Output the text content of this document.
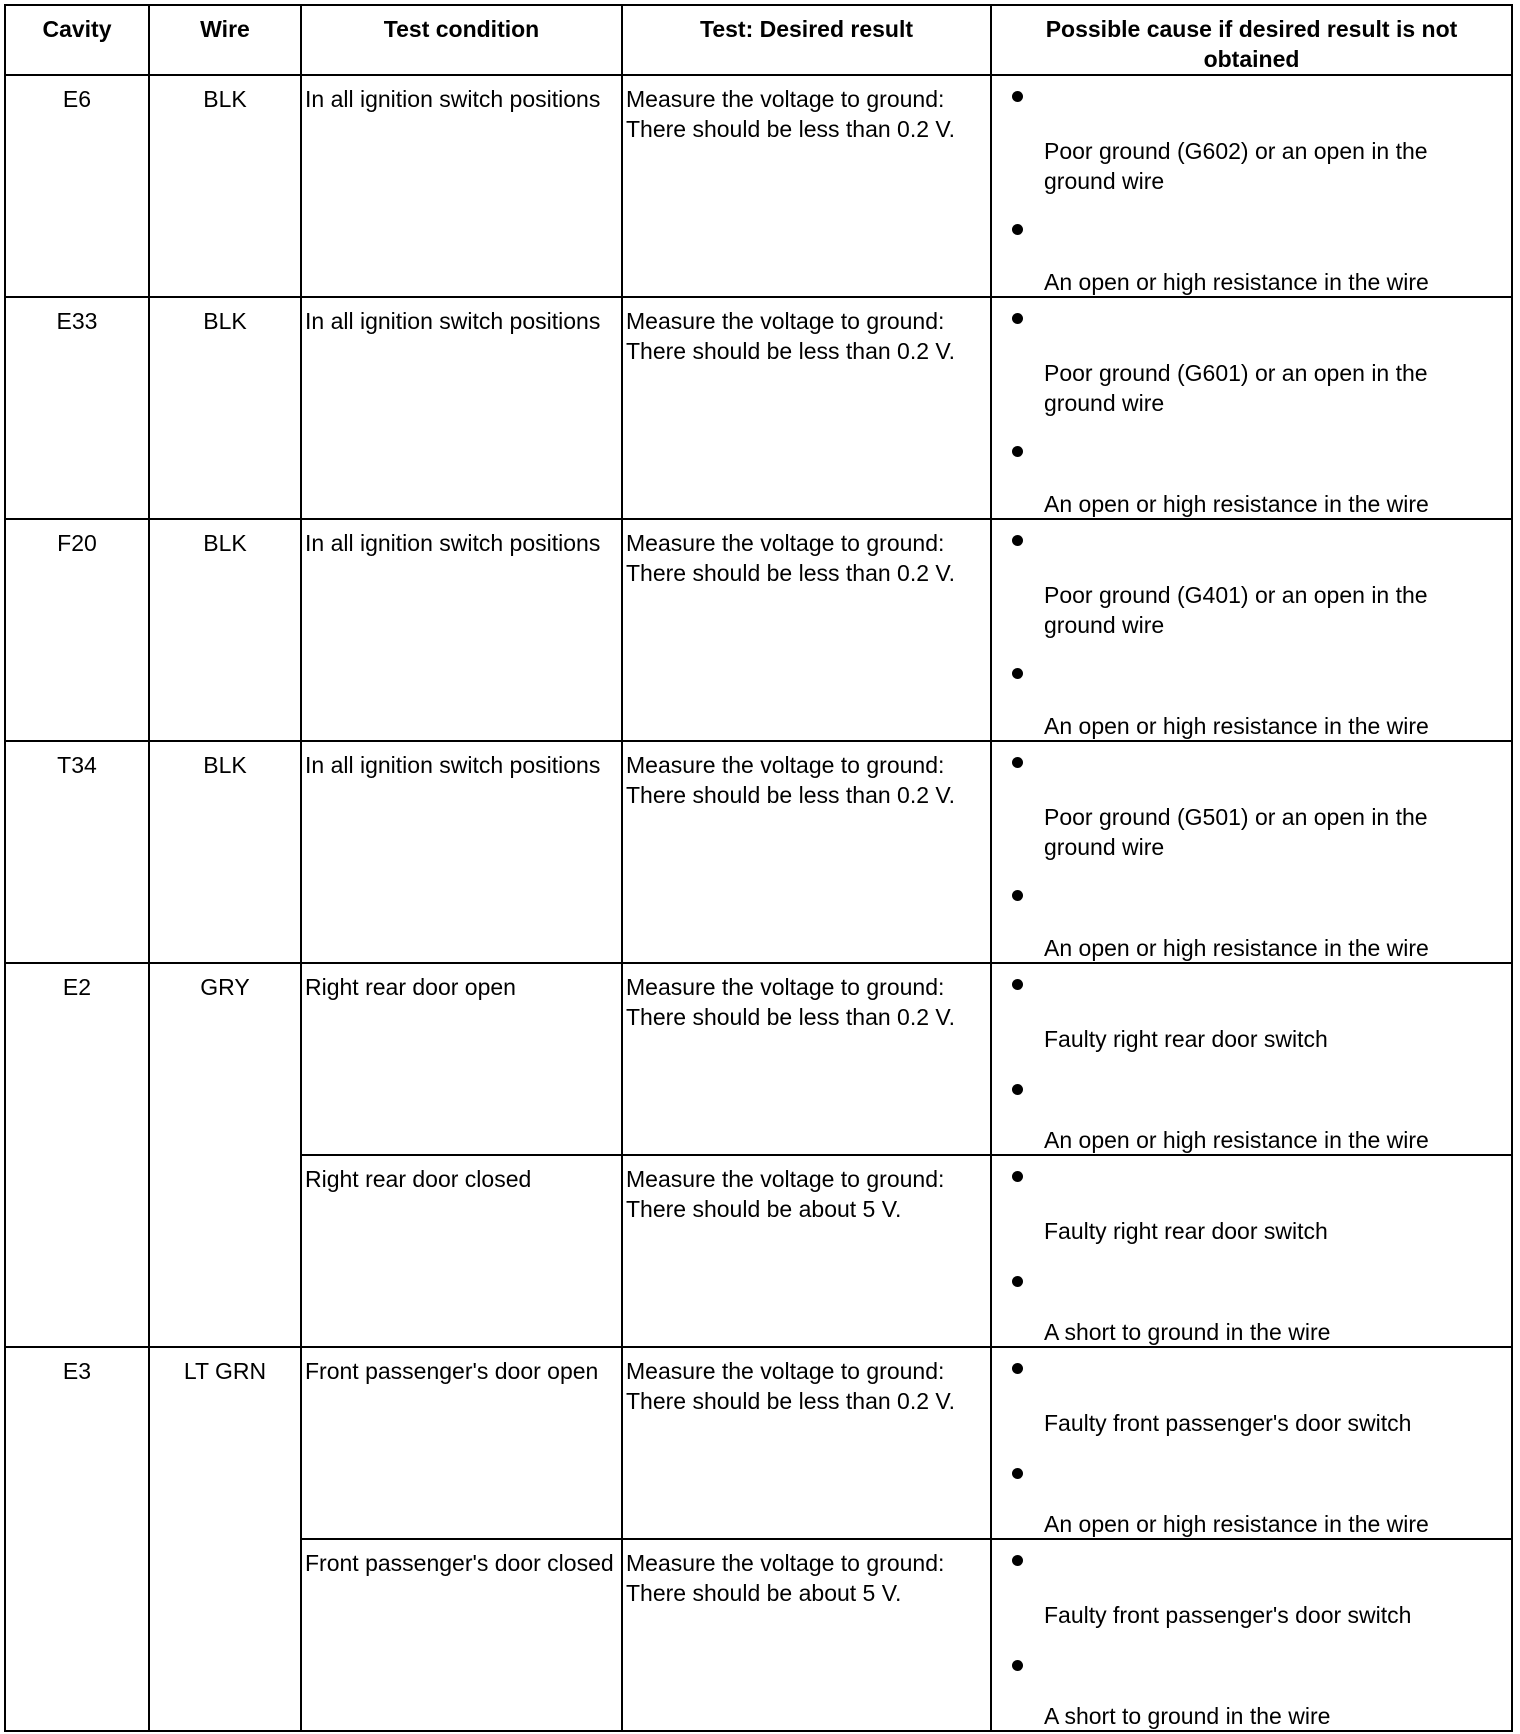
Cavity	Wire	Test condition	Test: Desired result	Possible cause if desired result is not obtained
E6	BLK	In all ignition switch positions	Measure the voltage to ground: There should be less than 0.2 V.	Poor ground (G602) or an open in the ground wire
An open or high resistance in the wire

E33	BLK	In all ignition switch positions	Measure the voltage to ground: There should be less than 0.2 V.	Poor ground (G601) or an open in the ground wire
An open or high resistance in the wire

F20	BLK	In all ignition switch positions	Measure the voltage to ground: There should be less than 0.2 V.	Poor ground (G401) or an open in the ground wire
An open or high resistance in the wire

T34	BLK	In all ignition switch positions	Measure the voltage to ground: There should be less than 0.2 V.	Poor ground (G501) or an open in the ground wire
An open or high resistance in the wire

E2	GRY	Right rear door open	Measure the voltage to ground: There should be less than 0.2 V.	Faulty right rear door switch
An open or high resistance in the wire

		Right rear door closed	Measure the voltage to ground: There should be about 5 V.	Faulty right rear door switch
A short to ground in the wire

E3	LT GRN	Front passenger's door open	Measure the voltage to ground: There should be less than 0.2 V.	Faulty front passenger's door switch
An open or high resistance in the wire

		Front passenger's door closed	Measure the voltage to ground: There should be about 5 V.	Faulty front passenger's door switch
A short to ground in the wire
